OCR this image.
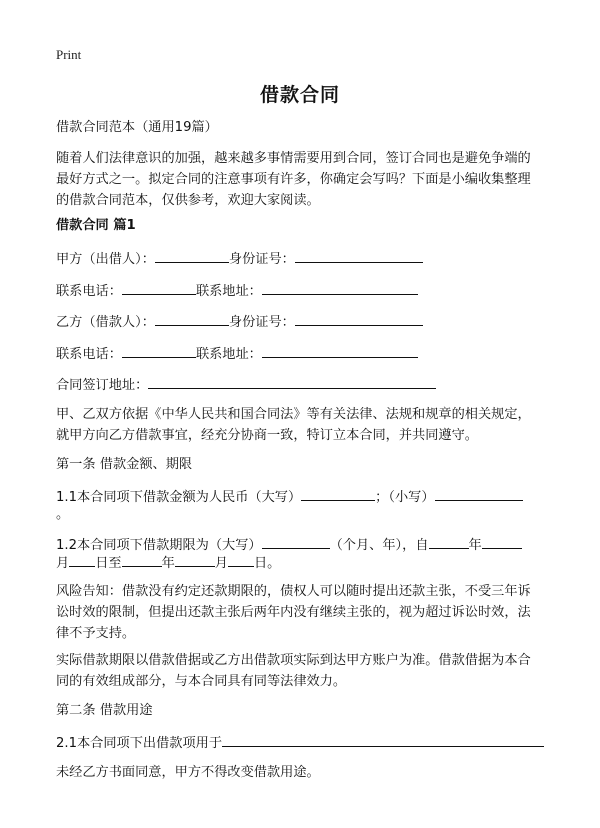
Print
借款合同
借款合同范本（通用19篇）
随着人们法律意识的加强，越来越多事情需要用到合同，签订合同也是避免争端的
最好方式之一。拟定合同的注意事项有许多，你确定会写吗？下面是小编收集整理
的借款合同范本，仅供参考，欢迎大家阅读。
借款合同 篇1
甲方（出借人）：	身份证号：
联系电话：	联系地址：
乙方（借款人）：	身份证号：
联系电话：	联系地址：
合同签订地址：
甲、乙双方依据《中华人民共和国合同法》等有关法律、法规和规章的相关规定，
就甲方向乙方借款事宜，经充分协商一致，特订立本合同，并共同遵守。
第一条 借款金额、期限
1.1本合同项下借款金额为人民币（大写）	；（小写）
。
1.2本合同项下借款期限为（大写）	（个月、年），自	年
月 日至	年	月 日。
风险告知：借款没有约定还款期限的，债权人可以随时提出还款主张，不受三年诉
讼时效的限制，但提出还款主张后两年内没有继续主张的，视为超过诉讼时效，法
律不予支持。
实际借款期限以借款借据或乙方出借款项实际到达甲方账户为准。借款借据为本合
同的有效组成部分，与本合同具有同等法律效力。
第二条 借款用途
2.1本合同项下出借款项用于
未经乙方书面同意，甲方不得改变借款用途。
